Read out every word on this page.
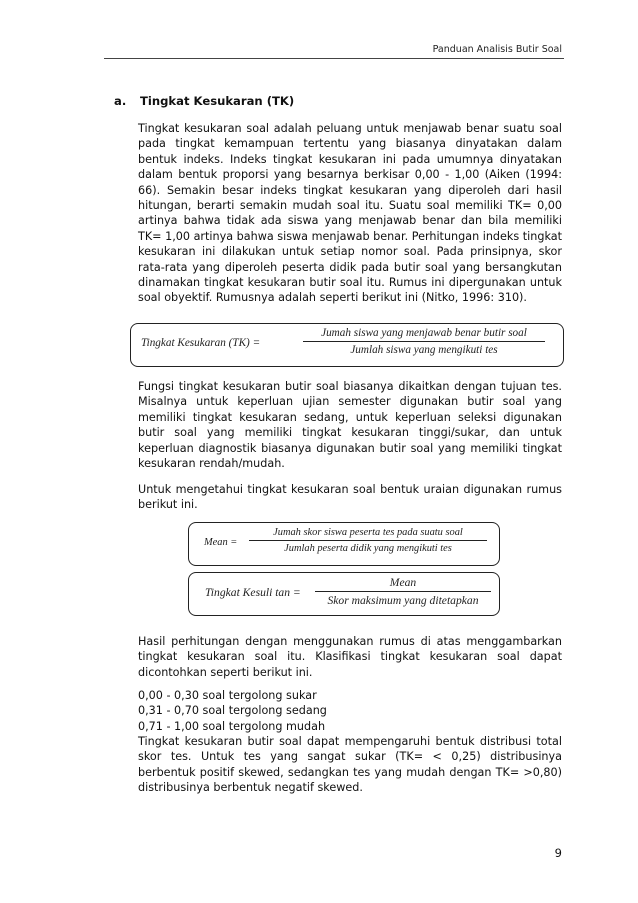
Panduan Analisis Butir Soal
a. Tingkat Kesukaran (TK)
Tingkat kesukaran soal adalah peluang untuk menjawab benar suatu soal pada tingkat kemampuan tertentu yang biasanya dinyatakan dalam bentuk indeks. Indeks tingkat kesukaran ini pada umumnya dinyatakan dalam bentuk proporsi yang besarnya berkisar 0,00 - 1,00 (Aiken (1994: 66). Semakin besar indeks tingkat kesukaran yang diperoleh dari hasil hitungan, berarti semakin mudah soal itu. Suatu soal memiliki TK= 0,00 artinya bahwa tidak ada siswa yang menjawab benar dan bila memiliki TK= 1,00 artinya bahwa siswa menjawab benar. Perhitungan indeks tingkat kesukaran ini dilakukan untuk setiap nomor soal. Pada prinsipnya, skor rata-rata yang diperoleh peserta didik pada butir soal yang bersangkutan dinamakan tingkat kesukaran butir soal itu. Rumus ini dipergunakan untuk soal obyektif. Rumusnya adalah seperti berikut ini (Nitko, 1996: 310).
Tingkat Kesukaran (TK) =
Jumah siswa yang menjawab benar butir soal
Jumlah siswa yang mengikuti tes
Fungsi tingkat kesukaran butir soal biasanya dikaitkan dengan tujuan tes. Misalnya untuk keperluan ujian semester digunakan butir soal yang memiliki tingkat kesukaran sedang, untuk keperluan seleksi digunakan butir soal yang memiliki tingkat kesukaran tinggi/sukar, dan untuk keperluan diagnostik biasanya digunakan butir soal yang memiliki tingkat kesukaran rendah/mudah.
Untuk mengetahui tingkat kesukaran soal bentuk uraian digunakan rumus berikut ini.
Mean =
Jumah skor siswa peserta tes pada suatu soal
Jumlah peserta didik yang mengikuti tes
Tingkat Kesuli tan =
Mean
Skor maksimum yang ditetapkan
Hasil perhitungan dengan menggunakan rumus di atas menggambarkan tingkat kesukaran soal itu. Klasifikasi tingkat kesukaran soal dapat dicontohkan seperti berikut ini.
0,00 - 0,30 soal tergolong sukar
0,31 - 0,70 soal tergolong sedang
0,71 - 1,00 soal tergolong mudah
Tingkat kesukaran butir soal dapat mempengaruhi bentuk distribusi total skor tes. Untuk tes yang sangat sukar (TK= < 0,25) distribusinya berbentuk positif skewed, sedangkan tes yang mudah dengan TK= >0,80) distribusinya berbentuk negatif skewed.
9
